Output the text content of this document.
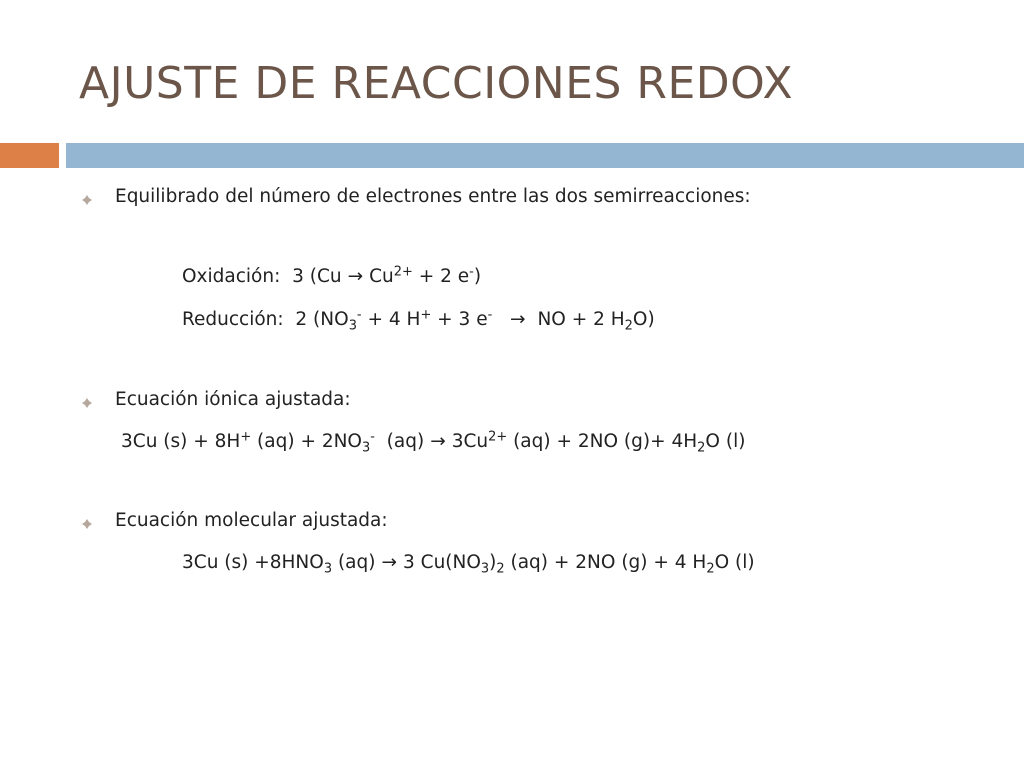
AJUSTE DE REACCIONES REDOX
Equilibrado del número de electrones entre las dos semirreacciones:
Oxidación: 3 ($Cu \to Cu^{2+} + 2$ e-)
Reducción: 2 ($NO_3^- + 4$ H+ + 3 e- → NO + 2 $H_2O$)
Ecuación iónica ajustada:
3Cu (s) + 8H+ $(aq) + 2NO_3^-$ $(aq) \to 3Cu^{2+}$ (aq) + 2NO $(g)+ 4H_2O$ (l)
Ecuación molecular ajustada:
3Cu $(s) +8HNO_3$ (aq) → 3 $Cu(NO_3)_2$ (aq) + 2NO (g) + 4 $H_2O$ (l)
